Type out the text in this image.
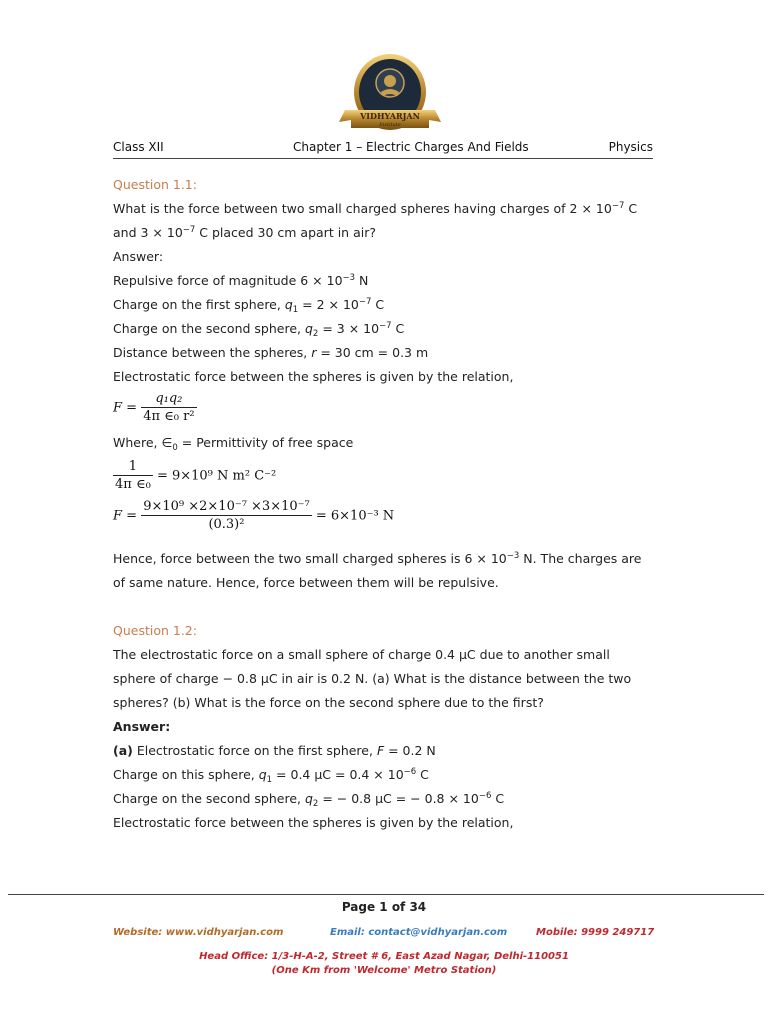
VIDHYARJAN
Institute
Class XII	Chapter 1 – Electric Charges And Fields	Physics

Question 1.1:

What is the force between two small charged spheres having charges of $2 \times 10^{-7}$ C

and $3 \times 10^{-7}$ C placed 30 cm apart in air?

Answer:

Repulsive force of magnitude $6 \times 10^{-3}$ N

Charge on the first sphere, $q_1 = 2 \times 10^{-7}$ C

Charge on the second sphere, $q_2 = 3 \times 10^{-7}$ C

Distance between the spheres, r = 30 cm = 0.3 m

Electrostatic force between the spheres is given by the relation,

$F = \frac{\text{q₁q₂}}{\text{4π ∈₀ r²}}$

Where, $\in_0$ = Permittivity of free space

$\frac{1}{\text{4π ∈₀}} = 9\times 10^9$ N m² C⁻²
$F = \frac{\text{9×10⁹ ×2×10⁻⁷ ×3×10⁻⁷}}{\text{(0.3)²}} = 6\times 10^{-3}$ N

Hence, force between the two small charged spheres is $6 \times 10^{-3}$ N. The charges are

of same nature. Hence, force between them will be repulsive.

Question 1.2:

The electrostatic force on a small sphere of charge 0.4 μC due to another small

sphere of charge − 0.8 μC in air is 0.2 N. (a) What is the distance between the two

spheres? (b) What is the force on the second sphere due to the first?

Answer:

(a) Electrostatic force on the first sphere, F = 0.2 N

Charge on this sphere, $q_1 = 0.4$ $\mu C = 0.4 \times 10^{-6}$ C

Charge on the second sphere, $q_2$ = − 0.8 μC = − $0.8 \times 10^{-6}$ C

Electrostatic force between the spheres is given by the relation,

Page 1 of 34
Website: www.vidhyarjan.com	Email: contact@vidhyarjan.com	Mobile: 9999 249717
Head Office: 1/3-H-A-2, Street # 6, East Azad Nagar, Delhi-110051
(One Km from 'Welcome' Metro Station)
